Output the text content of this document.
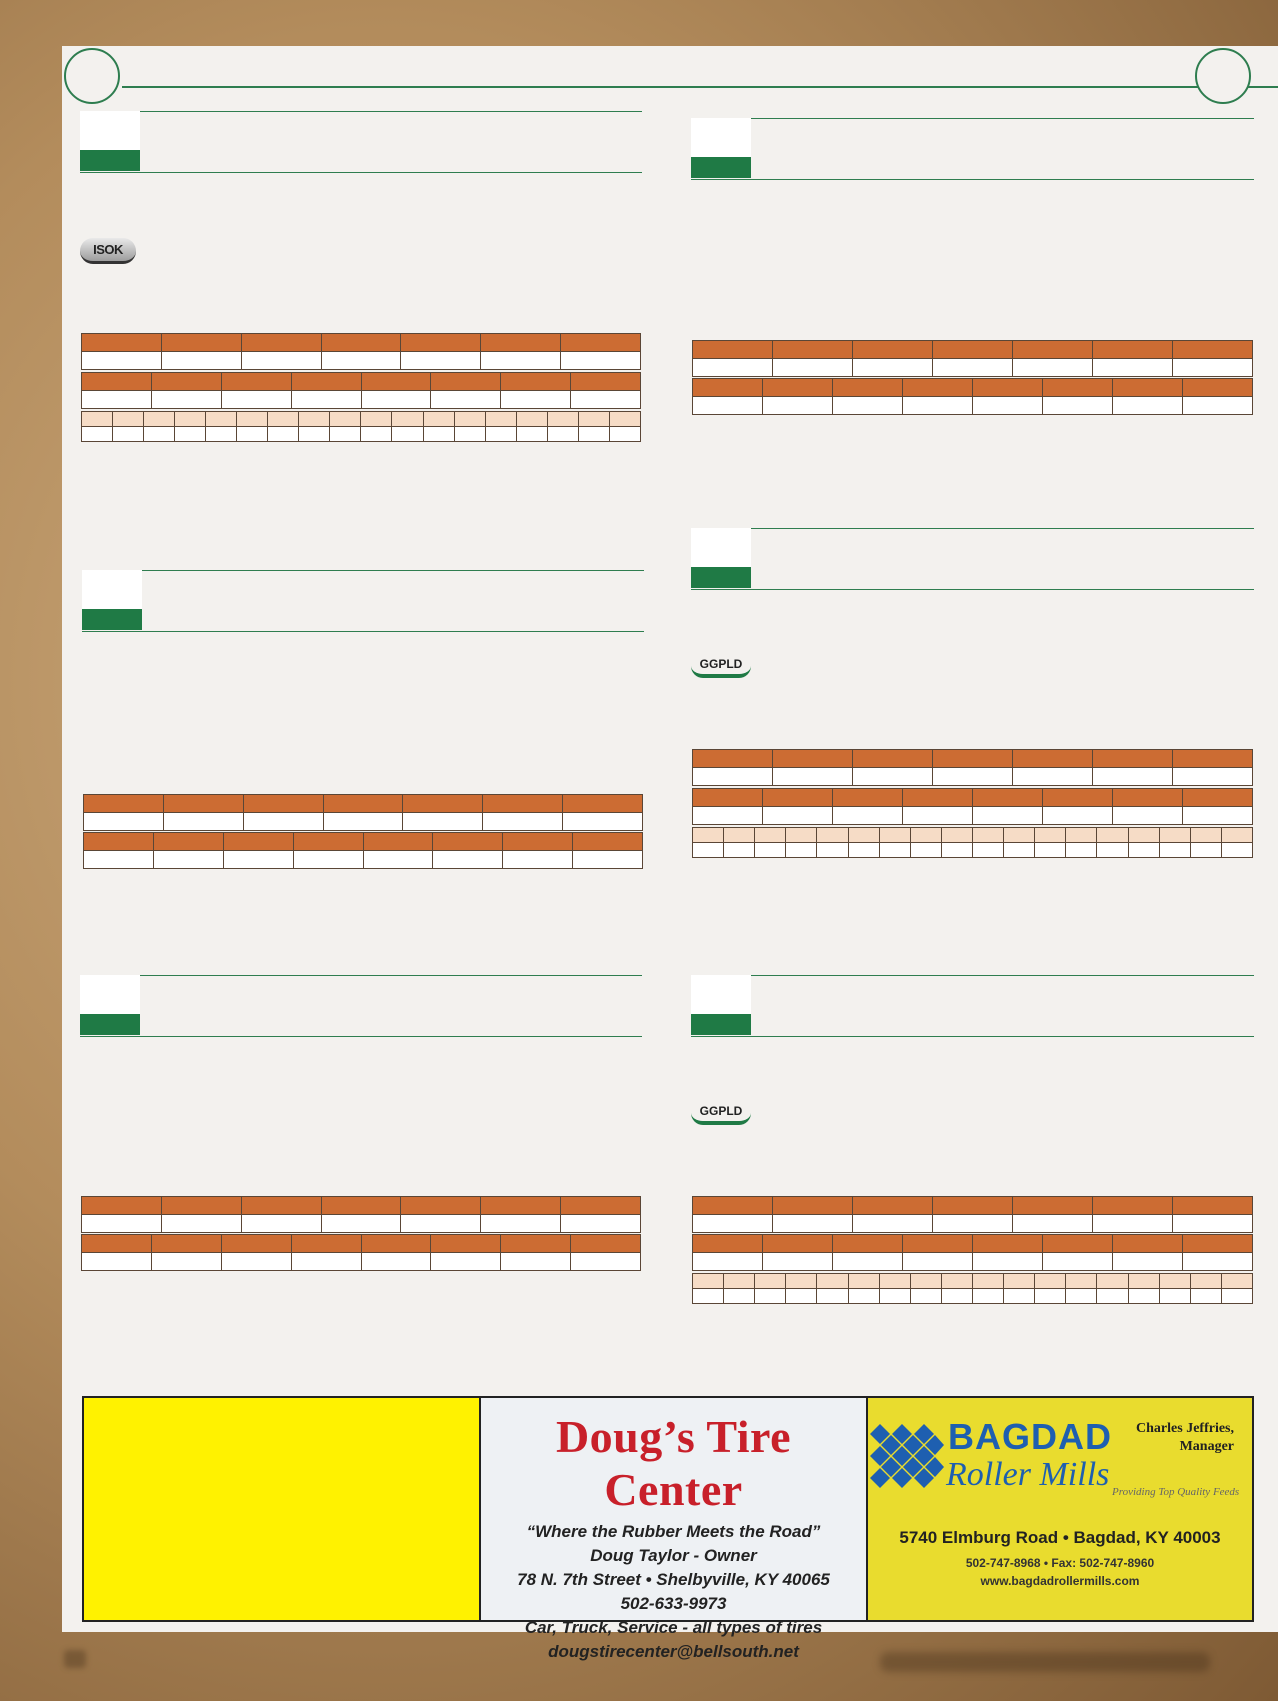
ISOK

GGPLD

GGPLD

Doug’s Tire Center
“Where the Rubber Meets the Road”
Doug Taylor - Owner
78 N. 7th Street • Shelbyville, KY 40065
502-633-9973
Car, Truck, Service - all types of tires
dougstirecenter@bellsouth.net
BAGDAD
Roller Mills
Charles Jeffries,
Manager
Providing Top Quality Feeds
5740 Elmburg Road • Bagdad, KY 40003
502-747-8968 • Fax: 502-747-8960
www.bagdadrollermills.com
